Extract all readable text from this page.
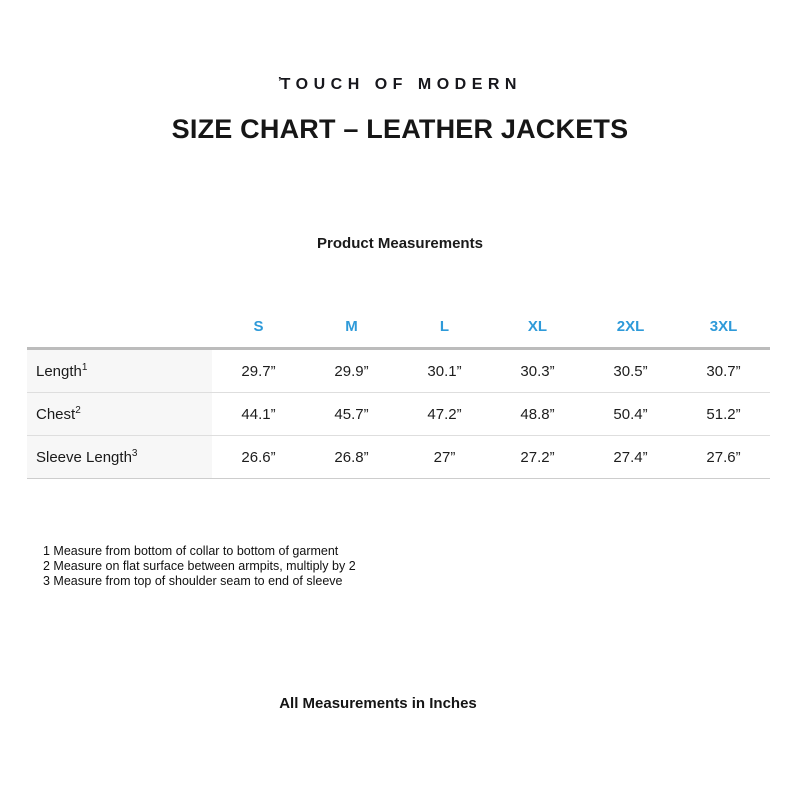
’TOUCH OF MODERN
SIZE CHART – LEATHER JACKETS
Product Measurements
	S	M	L	XL	2XL	3XL
Length$^1$	29.7”	29.9”	30.1”	30.3”	30.5”	30.7”
Chest$^2$	44.1”	45.7”	47.2”	48.8”	50.4”	51.2”
Sleeve Length$^3$	26.6”	26.8”	27”	27.2”	27.4”	27.6”
1 Measure from bottom of collar to bottom of garment
2 Measure on flat surface between armpits, multiply by 2
3 Measure from top of shoulder seam to end of sleeve
All Measurements in Inches
